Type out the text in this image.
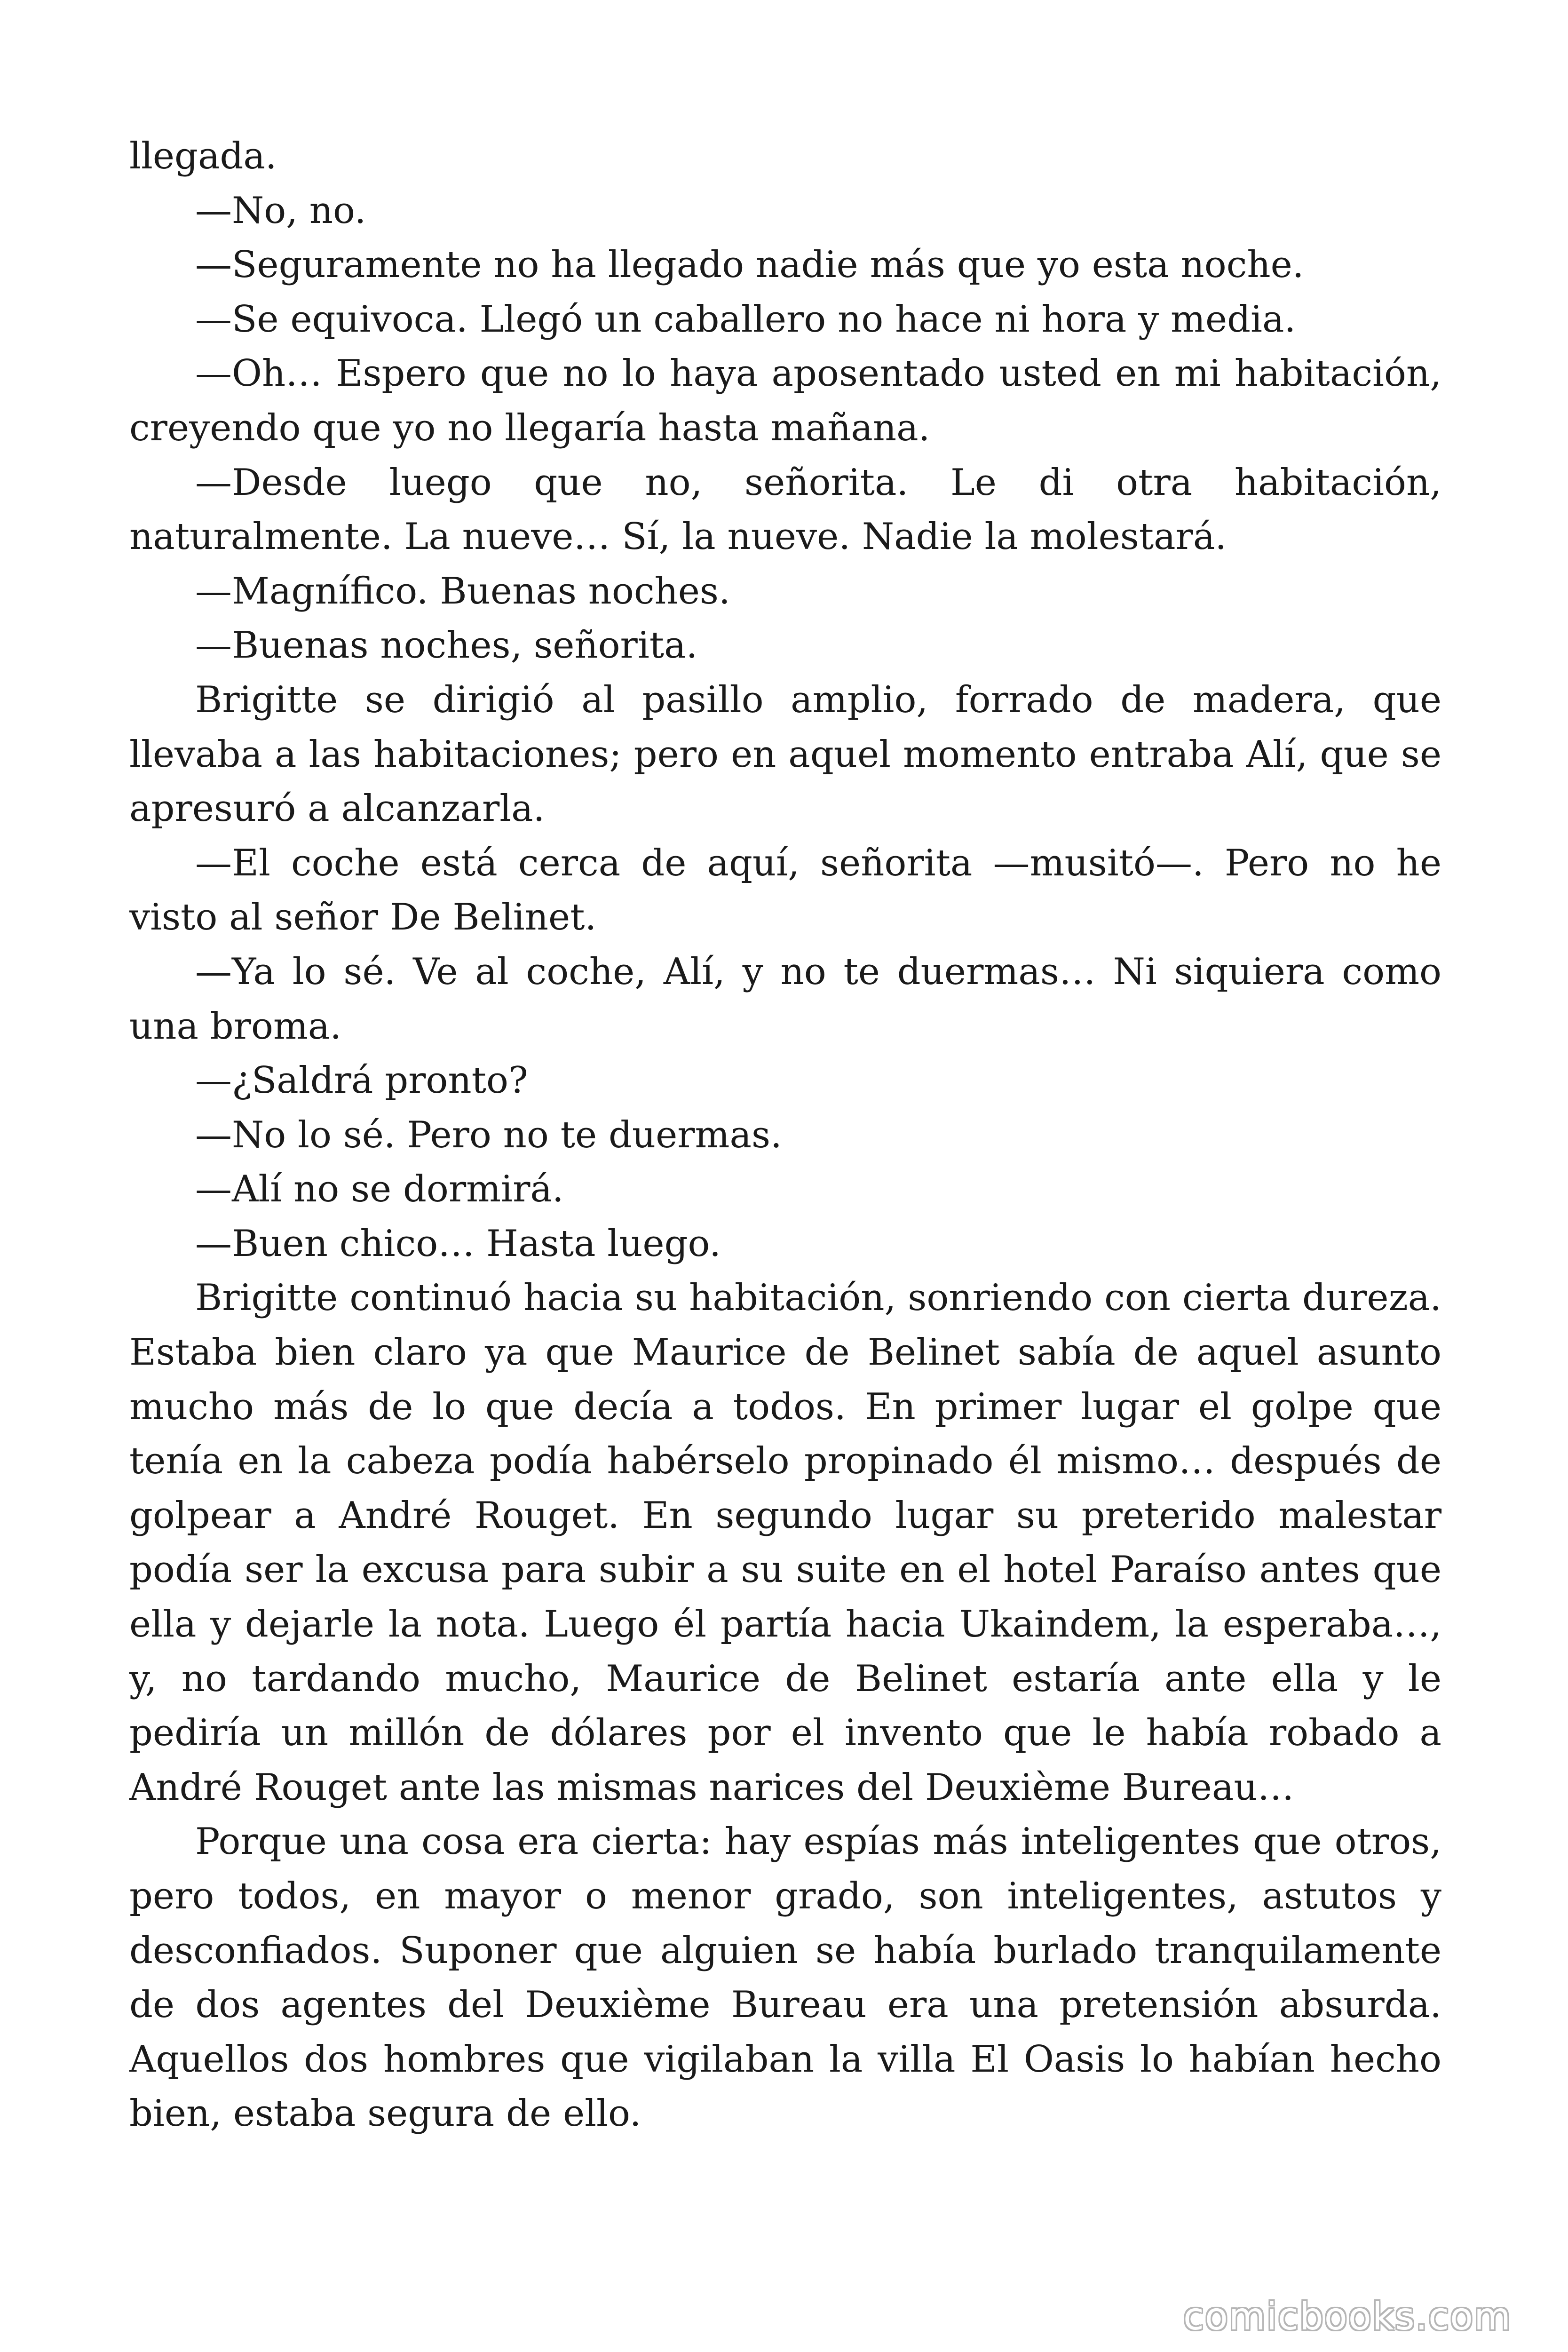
llegada.

—No, no.

—Seguramente no ha llegado nadie más que yo esta noche.

—Se equivoca. Llegó un caballero no hace ni hora y media.

—Oh… Espero que no lo haya aposentado usted en mi habitación, creyendo que yo no llegaría hasta mañana.

—Desde luego que no, señorita. Le di otra habitación, naturalmente. La nueve… Sí, la nueve. Nadie la molestará.

—Magnífico. Buenas noches.

—Buenas noches, señorita.

Brigitte se dirigió al pasillo amplio, forrado de madera, que llevaba a las habitaciones; pero en aquel momento entraba Alí, que se apresuró a alcanzarla.

—El coche está cerca de aquí, señorita —musitó—. Pero no he visto al señor De Belinet.

—Ya lo sé. Ve al coche, Alí, y no te duermas… Ni siquiera como una broma.

—¿Saldrá pronto?

—No lo sé. Pero no te duermas.

—Alí no se dormirá.

—Buen chico… Hasta luego.

Brigitte continuó hacia su habitación, sonriendo con cierta dureza. Estaba bien claro ya que Maurice de Belinet sabía de aquel asunto mucho más de lo que decía a todos. En primer lugar el golpe que tenía en la cabeza podía habérselo propinado él mismo… después de golpear a André Rouget. En segundo lugar su preterido malestar podía ser la excusa para subir a su suite en el hotel Paraíso antes que ella y dejarle la nota. Luego él partía hacia Ukaindem, la esperaba…, y, no tardando mucho, Maurice de Belinet estaría ante ella y le pediría un millón de dólares por el invento que le había robado a André Rouget ante las mismas narices del Deuxième Bureau…

Porque una cosa era cierta: hay espías más inteligentes que otros, pero todos, en mayor o menor grado, son inteligentes, astutos y desconfiados. Suponer que alguien se había burlado tranquilamente de dos agentes del Deuxième Bureau era una pretensión absurda. Aquellos dos hombres que vigilaban la villa El Oasis lo habían hecho bien, estaba segura de ello.

comicbooks.com
